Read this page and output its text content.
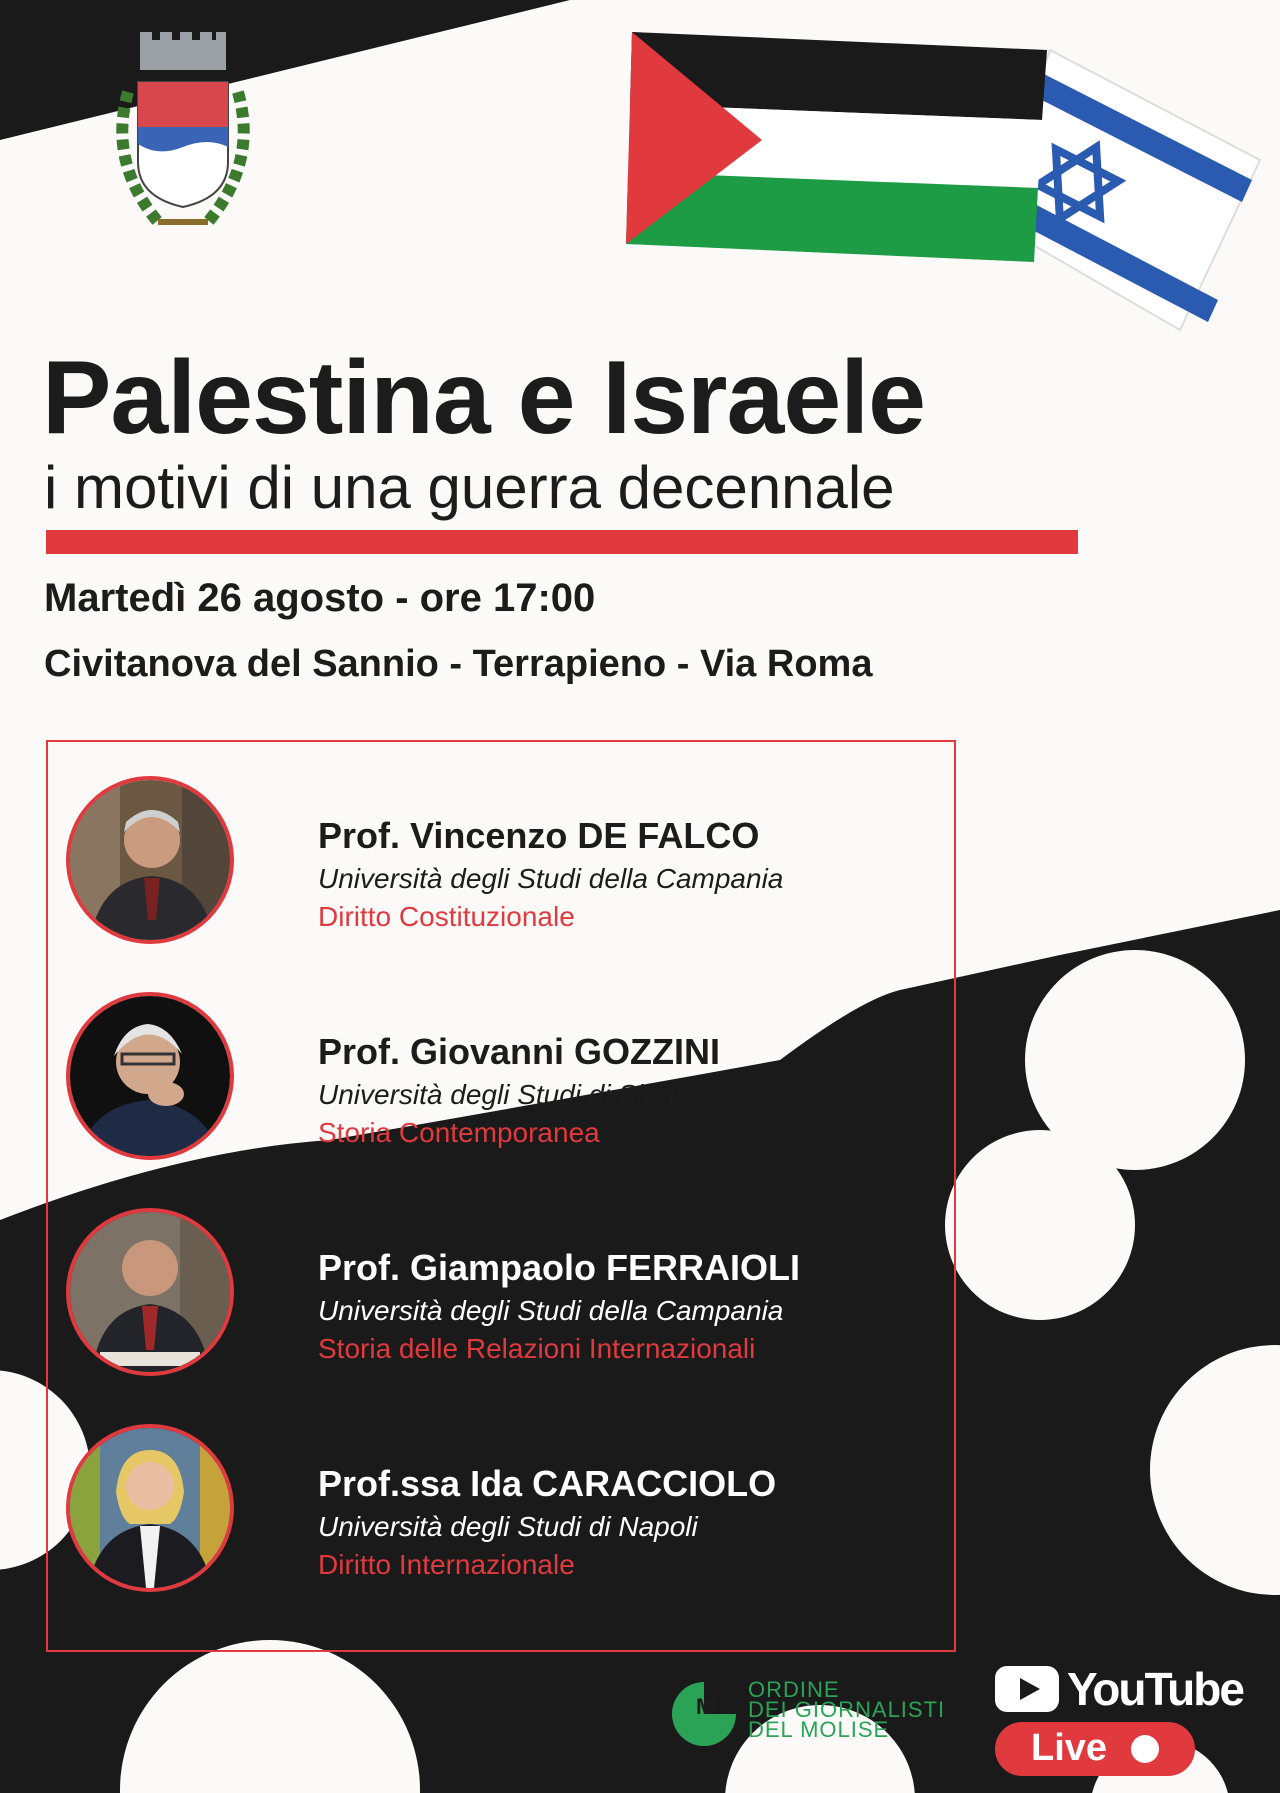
Palestina e Israele
i motivi di una guerra decennale
Martedì 26 agosto - ore 17:00
Civitanova del Sannio - Terrapieno - Via Roma
Prof. Vincenzo DE FALCO
Università degli Studi della Campania
Diritto Costituzionale
Prof. Giovanni GOZZINI
Università degli Studi di Siena
Storia Contemporanea
Prof. Giampaolo FERRAIOLI
Università degli Studi della Campania
Storia delle Relazioni Internazionali
Prof.ssa Ida CARACCIOLO
Università degli Studi di Napoli
Diritto Internazionale
M
ORDINE
DEI GIORNALISTI
DEL MOLISE
YouTube
Live
